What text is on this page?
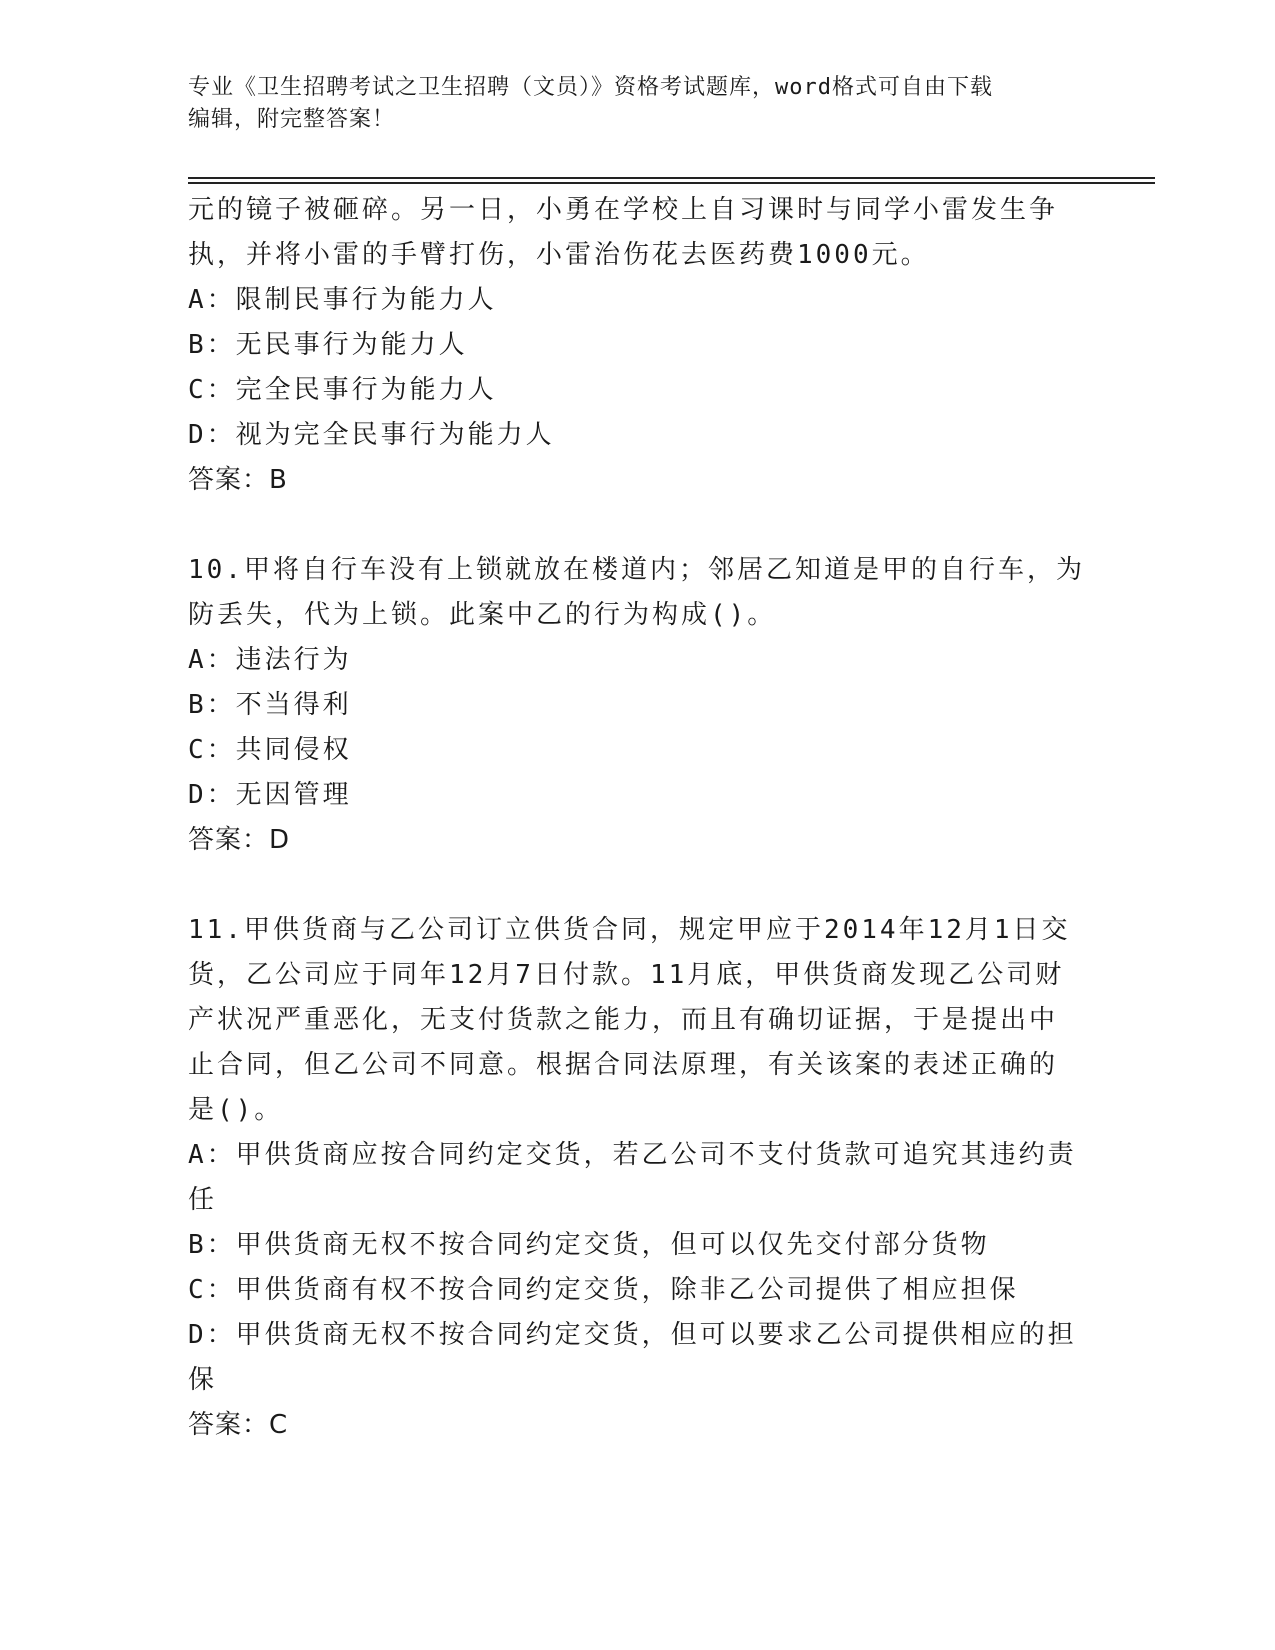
专业《卫生招聘考试之卫生招聘（文员）》资格考试题库，word格式可自由下载
编辑，附完整答案！
元的镜子被砸碎。另一日，小勇在学校上自习课时与同学小雷发生争
执，并将小雷的手臂打伤，小雷治伤花去医药费1000元。
A：限制民事行为能力人
B：无民事行为能力人
C：完全民事行为能力人
D：视为完全民事行为能力人
答案：B
10.甲将自行车没有上锁就放在楼道内；邻居乙知道是甲的自行车，为
防丢失，代为上锁。此案中乙的行为构成()。
A：违法行为
B：不当得利
C：共同侵权
D：无因管理
答案：D
11.甲供货商与乙公司订立供货合同，规定甲应于2014年12月1日交
货，乙公司应于同年12月7日付款。11月底，甲供货商发现乙公司财
产状况严重恶化，无支付货款之能力，而且有确切证据，于是提出中
止合同，但乙公司不同意。根据合同法原理，有关该案的表述正确的
是()。
A：甲供货商应按合同约定交货，若乙公司不支付货款可追究其违约责
任
B：甲供货商无权不按合同约定交货，但可以仅先交付部分货物
C：甲供货商有权不按合同约定交货，除非乙公司提供了相应担保
D：甲供货商无权不按合同约定交货，但可以要求乙公司提供相应的担
保
答案：C
